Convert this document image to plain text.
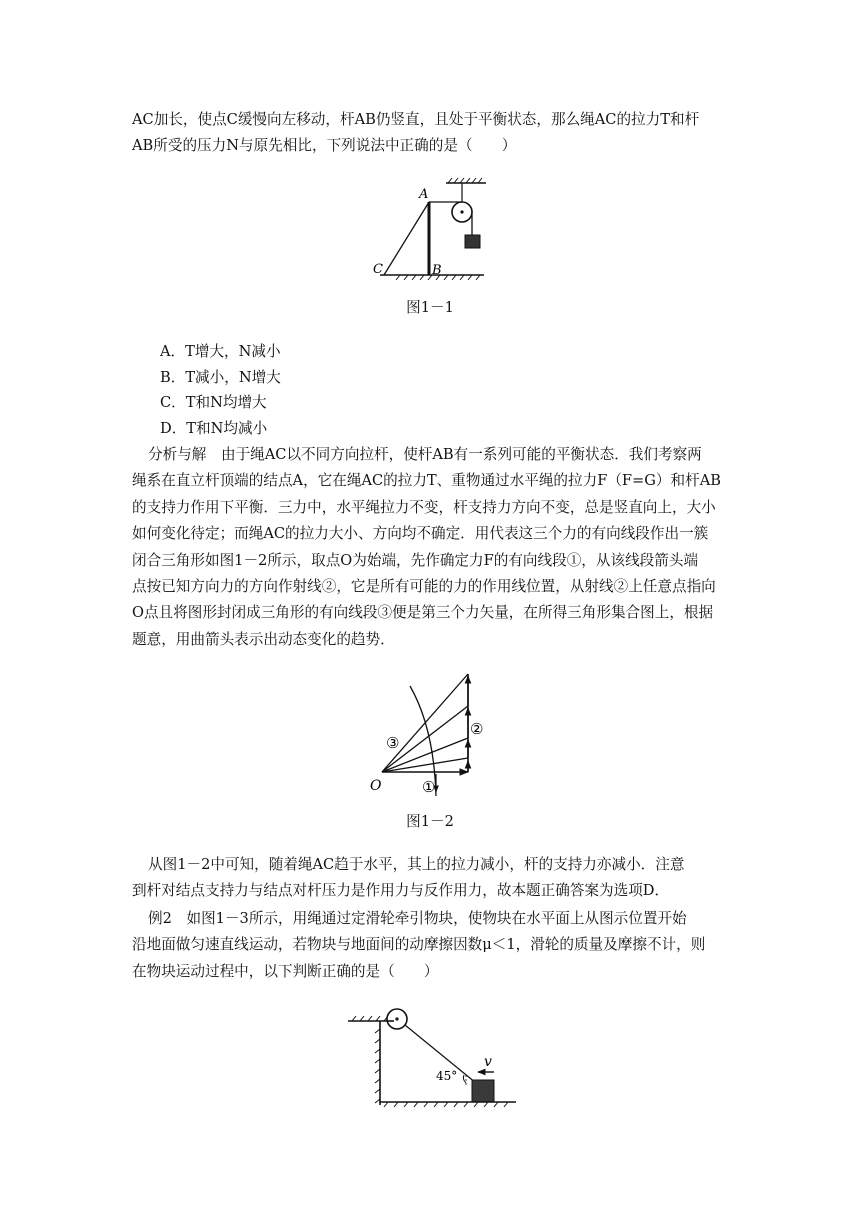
AC加长，使点C缓慢向左移动，杆AB仍竖直，且处于平衡状态，那么绳AC的拉力T和杆
AB所受的压力N与原先相比，下列说法中正确的是（　　）

A
B
C
图1－1
A．T增大，N减小
B．T减小，N增大
C．T和N均增大
D．T和N均减小

分析与解　由于绳AC以不同方向拉杆，使杆AB有一系列可能的平衡状态．我们考察两
绳系在直立杆顶端的结点A，它在绳AC的拉力T、重物通过水平绳的拉力F（F=G）和杆AB
的支持力作用下平衡．三力中，水平绳拉力不变，杆支持力方向不变，总是竖直向上，大小
如何变化待定；而绳AC的拉力大小、方向均不确定．用代表这三个力的有向线段作出一簇
闭合三角形如图1－2所示，取点O为始端，先作确定力F的有向线段①，从该线段箭头端
点按已知方向力的方向作射线②，它是所有可能的力的作用线位置，从射线②上任意点指向
O点且将图形封闭成三角形的有向线段③便是第三个力矢量，在所得三角形集合图上，根据
题意，用曲箭头表示出动态变化的趋势．

O	①
②
③
图1－2

从图1－2中可知，随着绳AC趋于水平，其上的拉力减小，杆的支持力亦减小．注意
到杆对结点支持力与结点对杆压力是作用力与反作用力，故本题正确答案为选项D．

例2　如图1－3所示，用绳通过定滑轮牵引物块，使物块在水平面上从图示位置开始
沿地面做匀速直线运动，若物块与地面间的动摩擦因数μ＜1，滑轮的质量及摩擦不计，则
在物块运动过程中，以下判断正确的是（　　）

45°
v
